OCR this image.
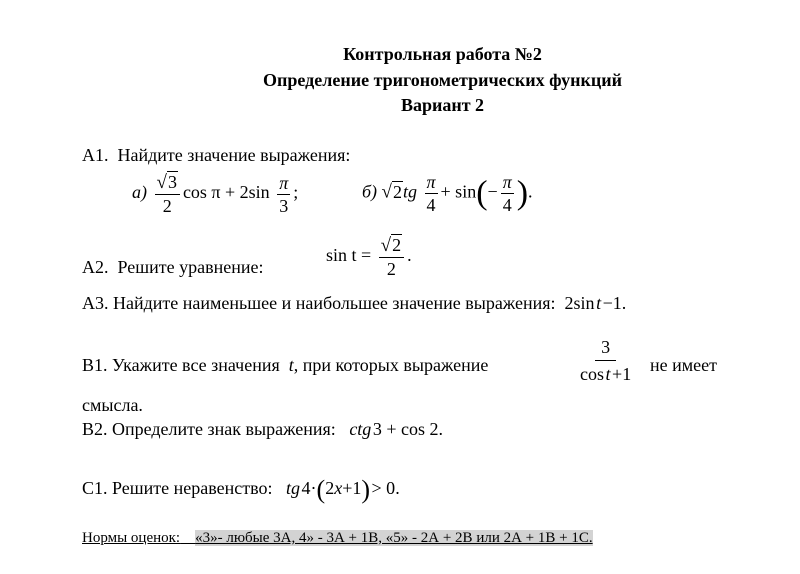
Контрольная работа №2
Определение тригонометрических функций
Вариант 2
А1. Найдите значение выражения:
$а) \frac{√3}{2}$ $\cos \pi + 2\sin \frac{\pi}{3}$ ;	б) $√2tg \frac{\pi}{4} + \sin(- \frac{\pi}{4}$ ).
А2. Решите уравнение:
$\sin t = \frac{√2}{2}$ .
А3. Найдите наименьшее и наибольшее значение выражения: 2sin t −1.
В1. Укажите все значения t, при которых выражение	$\frac{3}{\text{cos t +1}}$ не имеет
смысла.
В2. Определите знак выражения: ctg 3 + cos 2.
С1. Решите неравенство: tg 4·(2x+1) > 0.
Нормы оценок: «3»- любые 3А, 4» - 3А + 1В, «5» - 2А + 2В или 2А + 1В + 1С.
